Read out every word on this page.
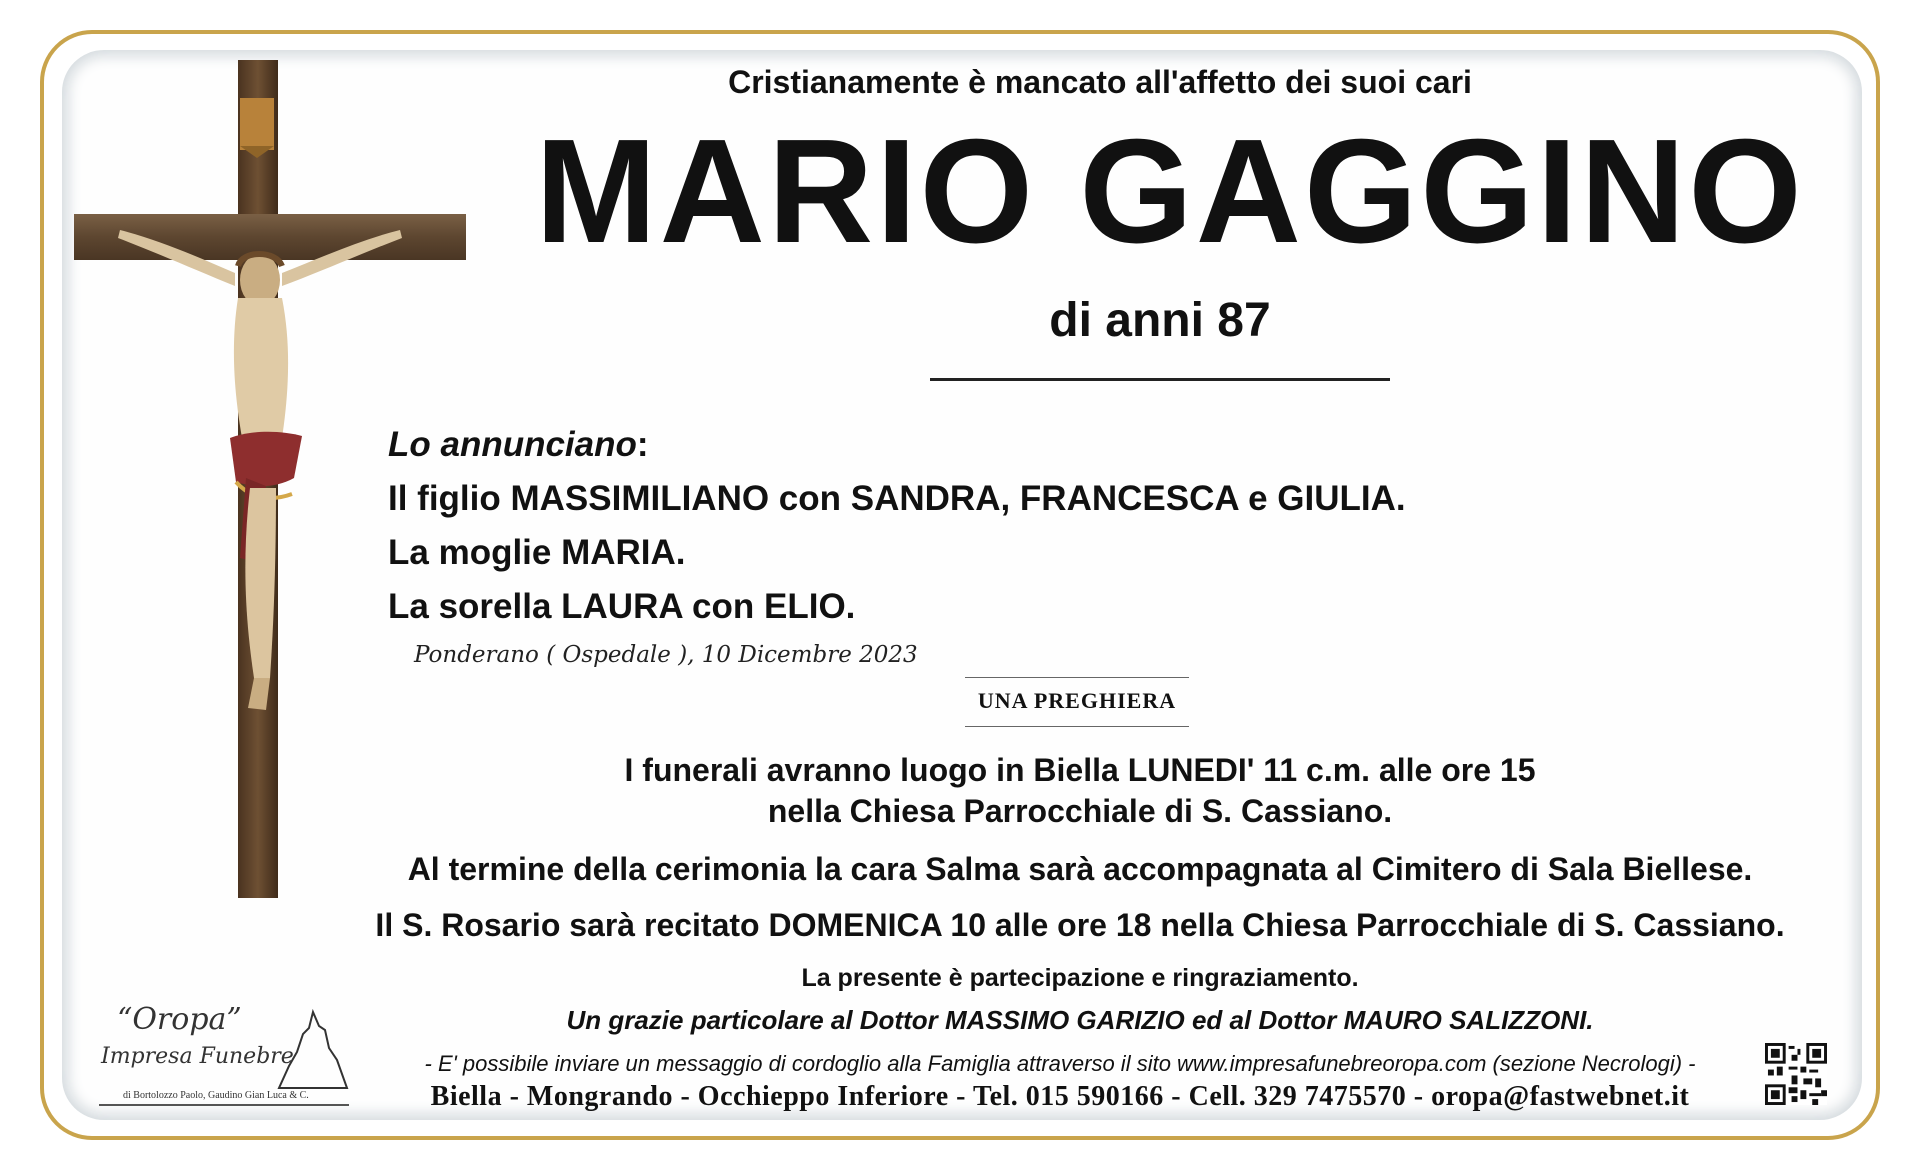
Cristianamente è mancato all'affetto dei suoi cari
MARIO GAGGINO
di anni 87
Lo annunciano:
Il figlio MASSIMILIANO con SANDRA, FRANCESCA e GIULIA.
La moglie MARIA.
La sorella LAURA con ELIO.
Ponderano ( Ospedale ), 10 Dicembre 2023
UNA PREGHIERA
I funerali avranno luogo in Biella LUNEDI' 11 c.m. alle ore 15
nella Chiesa Parrocchiale di S. Cassiano.
Al termine della cerimonia la cara Salma sarà accompagnata al Cimitero di Sala Biellese.
Il S. Rosario sarà recitato DOMENICA 10 alle ore 18 nella Chiesa Parrocchiale di S. Cassiano.
La presente è partecipazione e ringraziamento.
Un grazie particolare al Dottor MASSIMO GARIZIO ed al Dottor MAURO SALIZZONI.
- E' possibile inviare un messaggio di cordoglio alla Famiglia attraverso il sito www.impresafunebreoropa.com (sezione Necrologi) -
Biella - Mongrando - Occhieppo Inferiore - Tel. 015 590166 - Cell. 329 7475570 - oropa@fastwebnet.it
“Oropa”
Impresa Funebre
di Bortolozzo Paolo, Gaudino Gian Luca & C.
